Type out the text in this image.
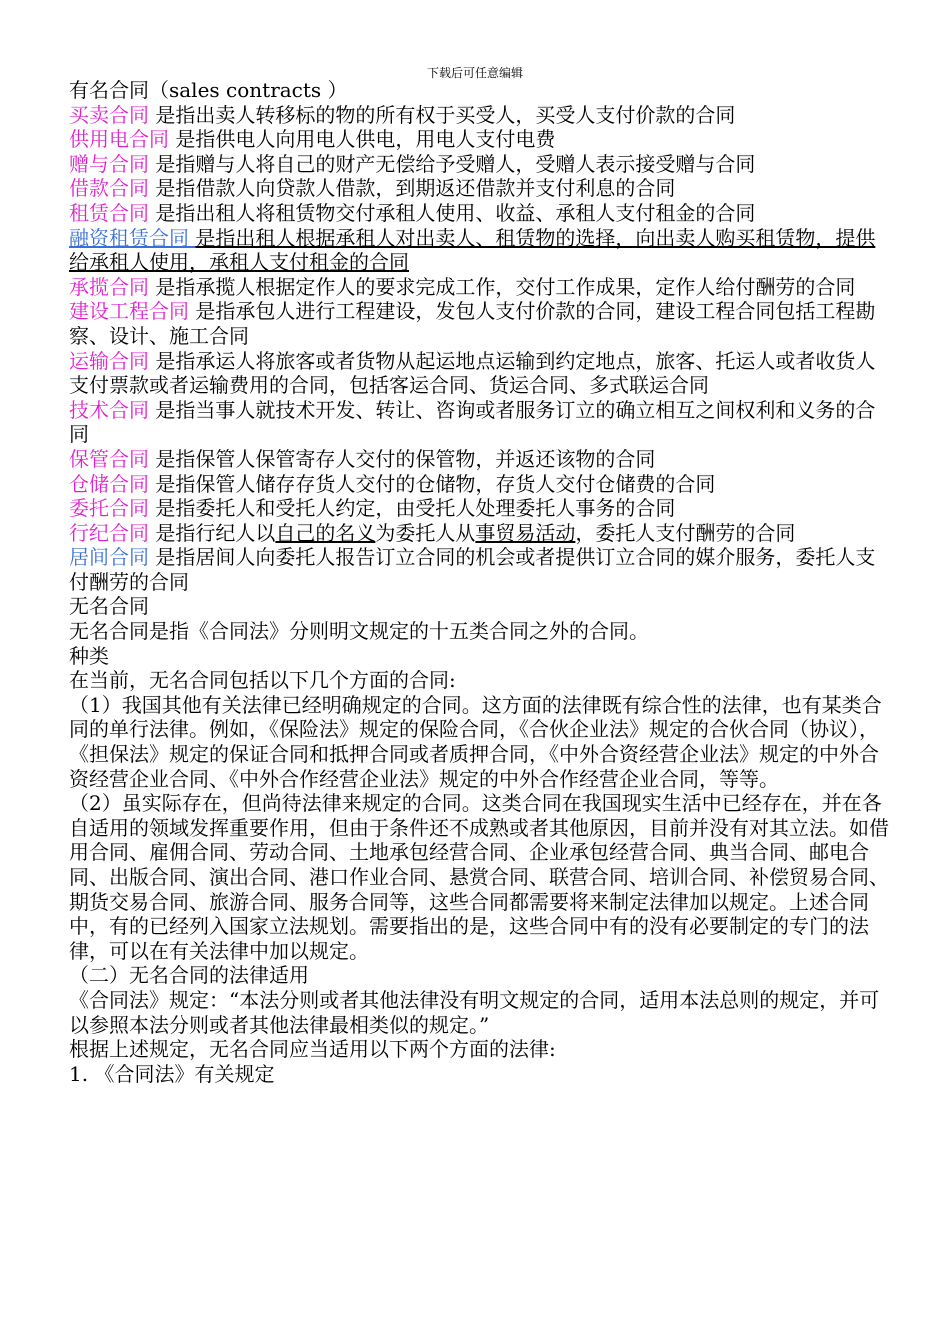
下载后可任意编辑

有名合同（sales contracts ）

买卖合同 是指出卖人转移标的物的所有权于买受人，买受人支付价款的合同

供用电合同 是指供电人向用电人供电，用电人支付电费

赠与合同 是指赠与人将自己的财产无偿给予受赠人，受赠人表示接受赠与合同

借款合同 是指借款人向贷款人借款，到期返还借款并支付利息的合同

租赁合同 是指出租人将租赁物交付承租人使用、收益、承租人支付租金的合同

融资租赁合同 是指出租人根据承租人对出卖人、租赁物的选择，向出卖人购买租赁物，提供给承租人使用，承租人支付租金的合同

承揽合同 是指承揽人根据定作人的要求完成工作，交付工作成果，定作人给付酬劳的合同

建设工程合同 是指承包人进行工程建设，发包人支付价款的合同，建设工程合同包括工程勘察、设计、施工合同

运输合同 是指承运人将旅客或者货物从起运地点运输到约定地点，旅客、托运人或者收货人支付票款或者运输费用的合同，包括客运合同、货运合同、多式联运合同

技术合同 是指当事人就技术开发、转让、咨询或者服务订立的确立相互之间权利和义务的合同

保管合同 是指保管人保管寄存人交付的保管物，并返还该物的合同

仓储合同 是指保管人储存存货人交付的仓储物，存货人交付仓储费的合同

委托合同 是指委托人和受托人约定，由受托人处理委托人事务的合同

行纪合同 是指行纪人以自己的名义为委托人从事贸易活动，委托人支付酬劳的合同

居间合同 是指居间人向委托人报告订立合同的机会或者提供订立合同的媒介服务，委托人支付酬劳的合同

无名合同

无名合同是指《合同法》分则明文规定的十五类合同之外的合同。

种类

在当前，无名合同包括以下几个方面的合同:

（1）我国其他有关法律已经明确规定的合同。这方面的法律既有综合性的法律，也有某类合同的单行法律。例如，《保险法》规定的保险合同，《合伙企业法》规定的合伙合同（协议），《担保法》规定的保证合同和抵押合同或者质押合同，《中外合资经营企业法》规定的中外合资经营企业合同、《中外合作经营企业法》规定的中外合作经营企业合同，等等。

（2）虽实际存在，但尚待法律来规定的合同。这类合同在我国现实生活中已经存在，并在各自适用的领域发挥重要作用，但由于条件还不成熟或者其他原因，目前并没有对其立法。如借用合同、雇佣合同、劳动合同、土地承包经营合同、企业承包经营合同、典当合同、邮电合同、出版合同、演出合同、港口作业合同、悬赏合同、联营合同、培训合同、补偿贸易合同、期货交易合同、旅游合同、服务合同等，这些合同都需要将来制定法律加以规定。上述合同中，有的已经列入国家立法规划。需要指出的是，这些合同中有的没有必要制定的专门的法律，可以在有关法律中加以规定。

（二）无名合同的法律适用

《合同法》规定：“本法分则或者其他法律没有明文规定的合同，适用本法总则的规定，并可以参照本法分则或者其他法律最相类似的规定。”

根据上述规定，无名合同应当适用以下两个方面的法律:

1. 《合同法》有关规定
